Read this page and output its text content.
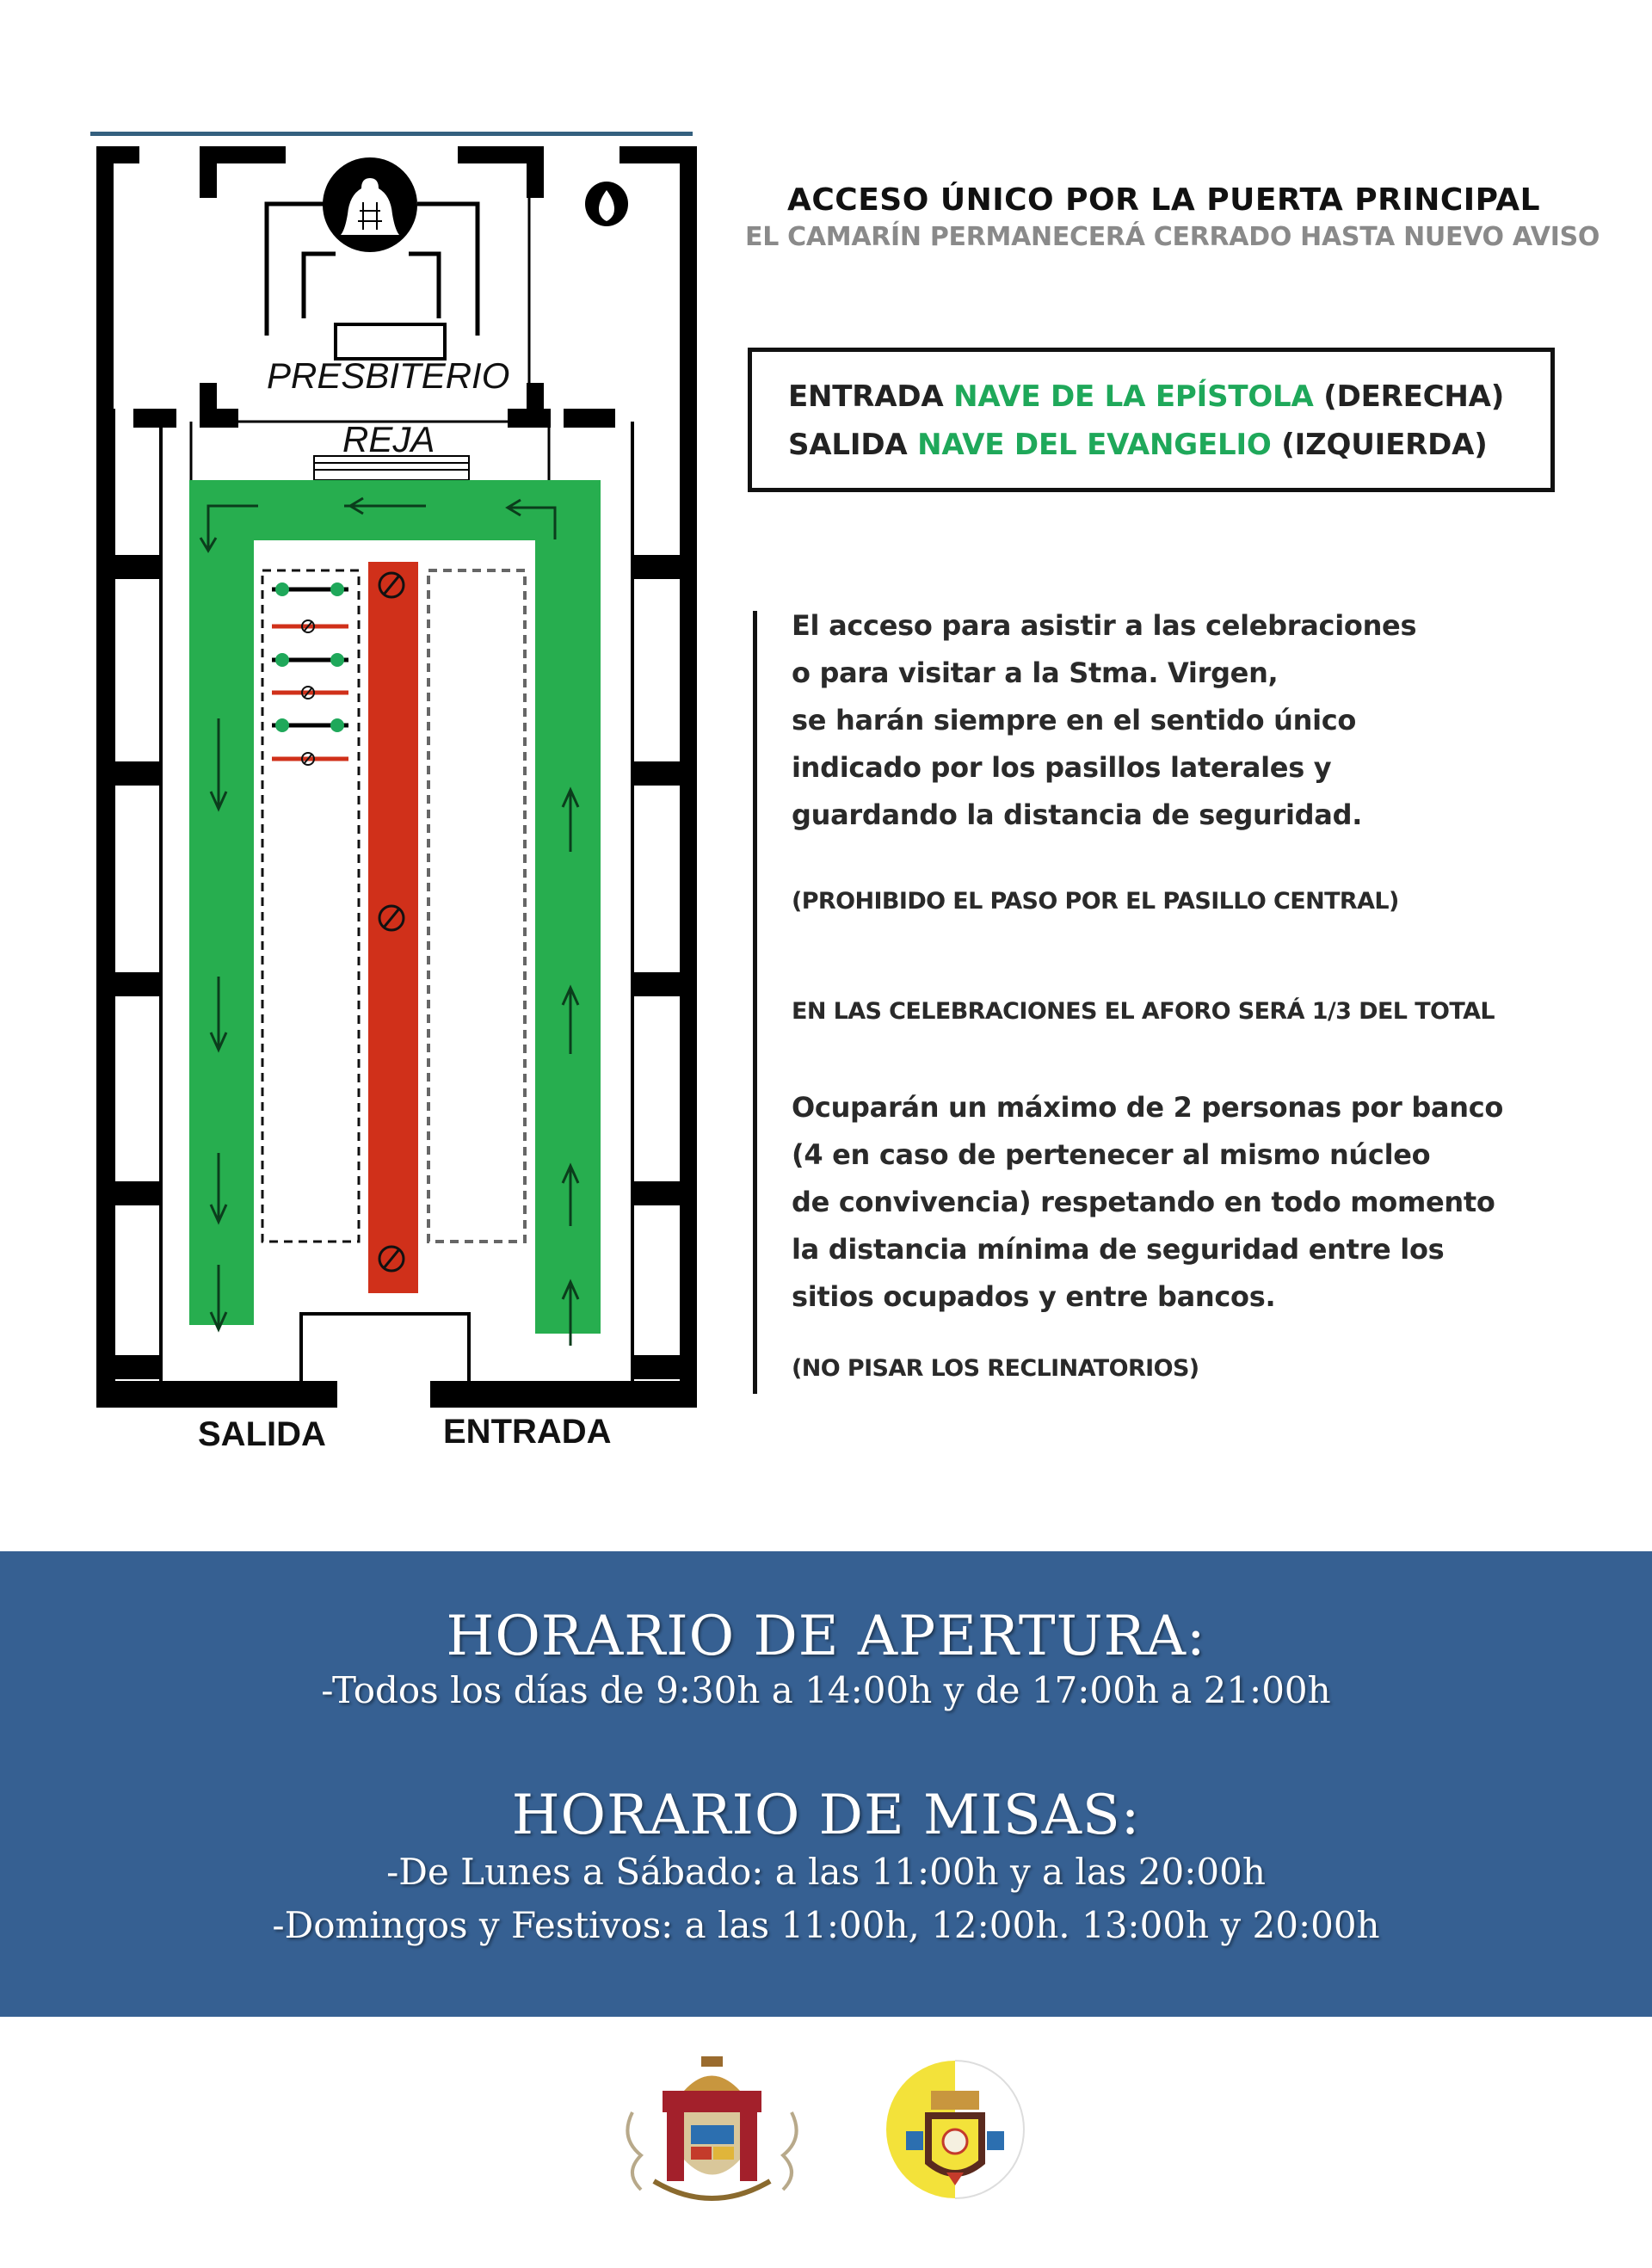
PRESBITERIO
REJA
SALIDA	ENTRADA
ACCESO ÚNICO POR LA PUERTA PRINCIPAL
EL CAMARÍN PERMANECERÁ CERRADO HASTA NUEVO AVISO
ENTRADA NAVE DE LA EPÍSTOLA (DERECHA)
SALIDA NAVE DEL EVANGELIO (IZQUIERDA)
El acceso para asistir a las celebraciones
o para visitar a la Stma. Virgen,
se harán siempre en el sentido único
indicado por los pasillos laterales y
guardando la distancia de seguridad.
(PROHIBIDO EL PASO POR EL PASILLO CENTRAL)
EN LAS CELEBRACIONES EL AFORO SERÁ 1/3 DEL TOTAL
Ocuparán un máximo de 2 personas por banco
(4 en caso de pertenecer al mismo núcleo
de convivencia) respetando en todo momento
la distancia mínima de seguridad entre los
sitios ocupados y entre bancos.
(NO PISAR LOS RECLINATORIOS)
HORARIO DE APERTURA:
-Todos los días de 9:30h a 14:00h y de 17:00h a 21:00h
HORARIO DE MISAS:
-De Lunes a Sábado: a las 11:00h y a las 20:00h
-Domingos y Festivos: a las 11:00h, 12:00h. 13:00h y 20:00h
